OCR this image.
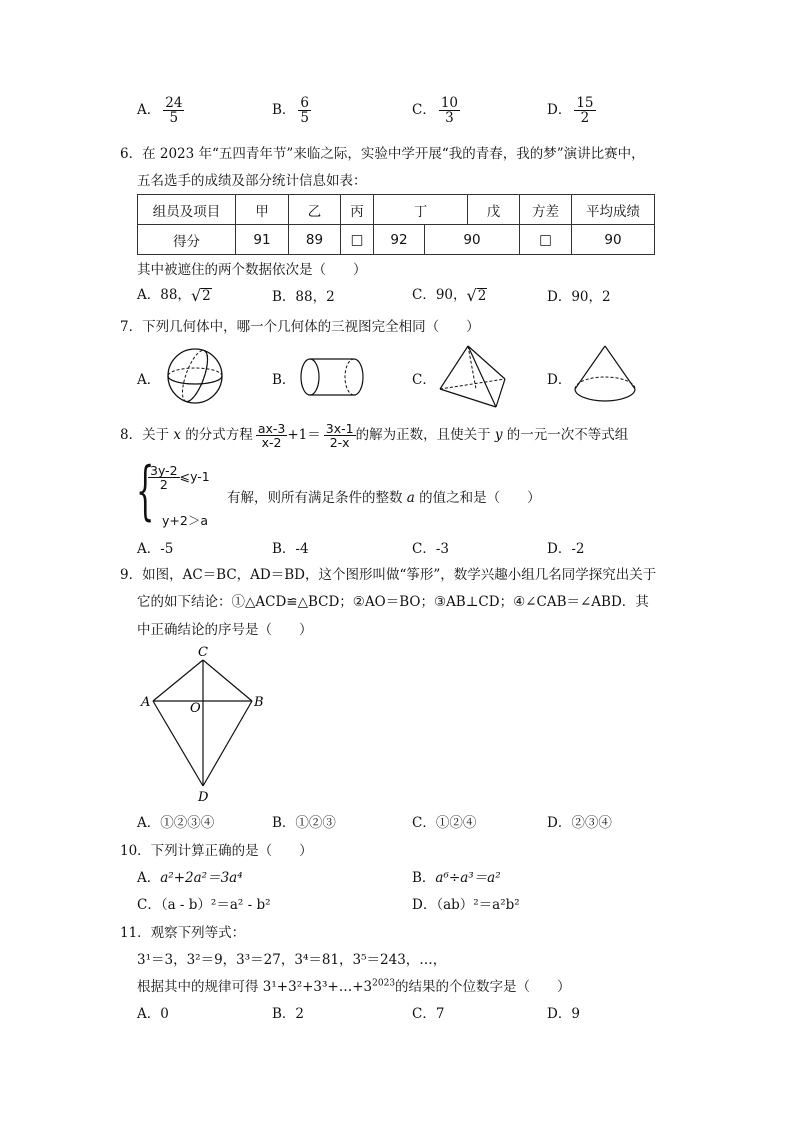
A． $\frac{24}{5}$	B． $\frac{6}{5}$	C． $\frac{10}{3}$	D． $\frac{15}{2}$
6．在 2023 年“五四青年节”来临之际，实验中学开展“我的青春，我的梦”演讲比赛中，
五名选手的成绩及部分统计信息如表：
组员及项目	甲	乙	丙	丁		戊	方差	平均成绩
得分	91	89	□	92	90		□	90
其中被遮住的两个数据依次是（　　）
A．88， √ 2	B．88，2	C．90， √ 2	D．90，2
7．下列几何体中，哪一个几何体的三视图完全相同（　　）
A．	B．	C．	D．
8．关于 x 的分式方程 $\frac{ax-3}{x-2} +1= \frac{3x-1}{2-x}$ 的解为正数，且使关于 y 的一元一次不等式组
{
$\frac{3y-2}{2}$ ⩽y-1
有解，则所有满足条件的整数 a 的值之和是（　　）
y+2＞a
A．-5	B．-4	C．-3	D．-2
9．如图，AC＝BC，AD＝BD，这个图形叫做“筝形”，数学兴趣小组几名同学探究出关于
它的如下结论：①△ACD≌△BCD；②AO＝BO；③AB⊥CD；④∠CAB＝∠ABD．其
中正确结论的序号是（　　）
C
A	O	B
D
A．①②③④	B．①②③	C．①②④	D．②③④
10．下列计算正确的是（　　）
A．a²+2a²＝3a⁴	B．a⁶÷a³＝a²
C．（a - b）²＝a² - b²	D．（ab）²＝a²b²
11．观察下列等式：
3¹＝3，3²＝9，3³＝27，3⁴＝81，3⁵＝243，…，
根据其中的规律可得 $3^1+3^2+3^3+\dots+3^{2023}$的结果的个位数字是（　　）
A．0	B．2	C．7	D．9
